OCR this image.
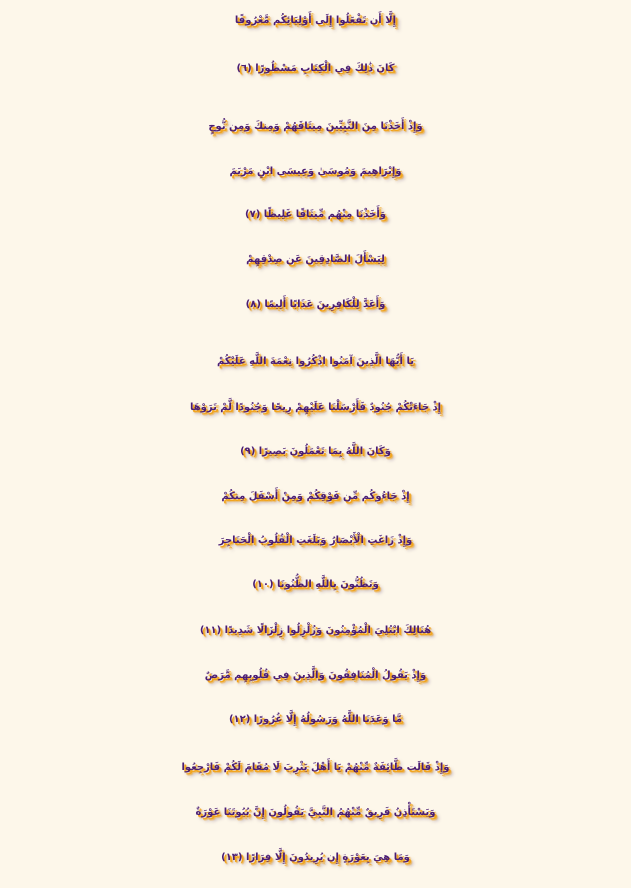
إِلَّا أَن تَفْعَلُوا إِلَى أَوْلِيَائِكُم مَّعْرُوفًا
كَانَ ذَٰلِكَ فِي الْكِتَابِ مَسْطُورًا (٦)
وَإِذْ أَخَذْنَا مِنَ النَّبِيِّينَ مِيثَاقَهُمْ وَمِنكَ وَمِن نُّوحٍ
وَإِبْرَاهِيمَ وَمُوسَىٰ وَعِيسَى ابْنِ مَرْيَمَ
وَأَخَذْنَا مِنْهُم مِّيثَاقًا غَلِيظًا (٧)
لِيَسْأَلَ الصَّادِقِينَ عَن صِدْقِهِمْ
وَأَعَدَّ لِلْكَافِرِينَ عَذَابًا أَلِيمًا (٨)
يَا أَيُّهَا الَّذِينَ آمَنُوا اذْكُرُوا نِعْمَةَ اللَّهِ عَلَيْكُمْ
إِذْ جَاءَتْكُمْ جُنُودٌ فَأَرْسَلْنَا عَلَيْهِمْ رِيحًا وَجُنُودًا لَّمْ تَرَوْهَا
وَكَانَ اللَّهُ بِمَا تَعْمَلُونَ بَصِيرًا (٩)
إِذْ جَاءُوكُم مِّن فَوْقِكُمْ وَمِنْ أَسْفَلَ مِنكُمْ
وَإِذْ زَاغَتِ الْأَبْصَارُ وَبَلَغَتِ الْقُلُوبُ الْحَنَاجِرَ
وَتَظُنُّونَ بِاللَّهِ الظُّنُونَا (١٠)
هُنَالِكَ ابْتُلِيَ الْمُؤْمِنُونَ وَزُلْزِلُوا زِلْزَالًا شَدِيدًا (١١)
وَإِذْ يَقُولُ الْمُنَافِقُونَ وَالَّذِينَ فِي قُلُوبِهِم مَّرَضٌ
مَّا وَعَدَنَا اللَّهُ وَرَسُولُهُ إِلَّا غُرُورًا (١٢)
وَإِذْ قَالَت طَّائِفَةٌ مِّنْهُمْ يَا أَهْلَ يَثْرِبَ لَا مُقَامَ لَكُمْ فَارْجِعُوا
وَيَسْتَأْذِنُ فَرِيقٌ مِّنْهُمُ النَّبِيَّ يَقُولُونَ إِنَّ بُيُوتَنَا عَوْرَةٌ
وَمَا هِيَ بِعَوْرَةٍ إِن يُرِيدُونَ إِلَّا فِرَارًا (١٣)
